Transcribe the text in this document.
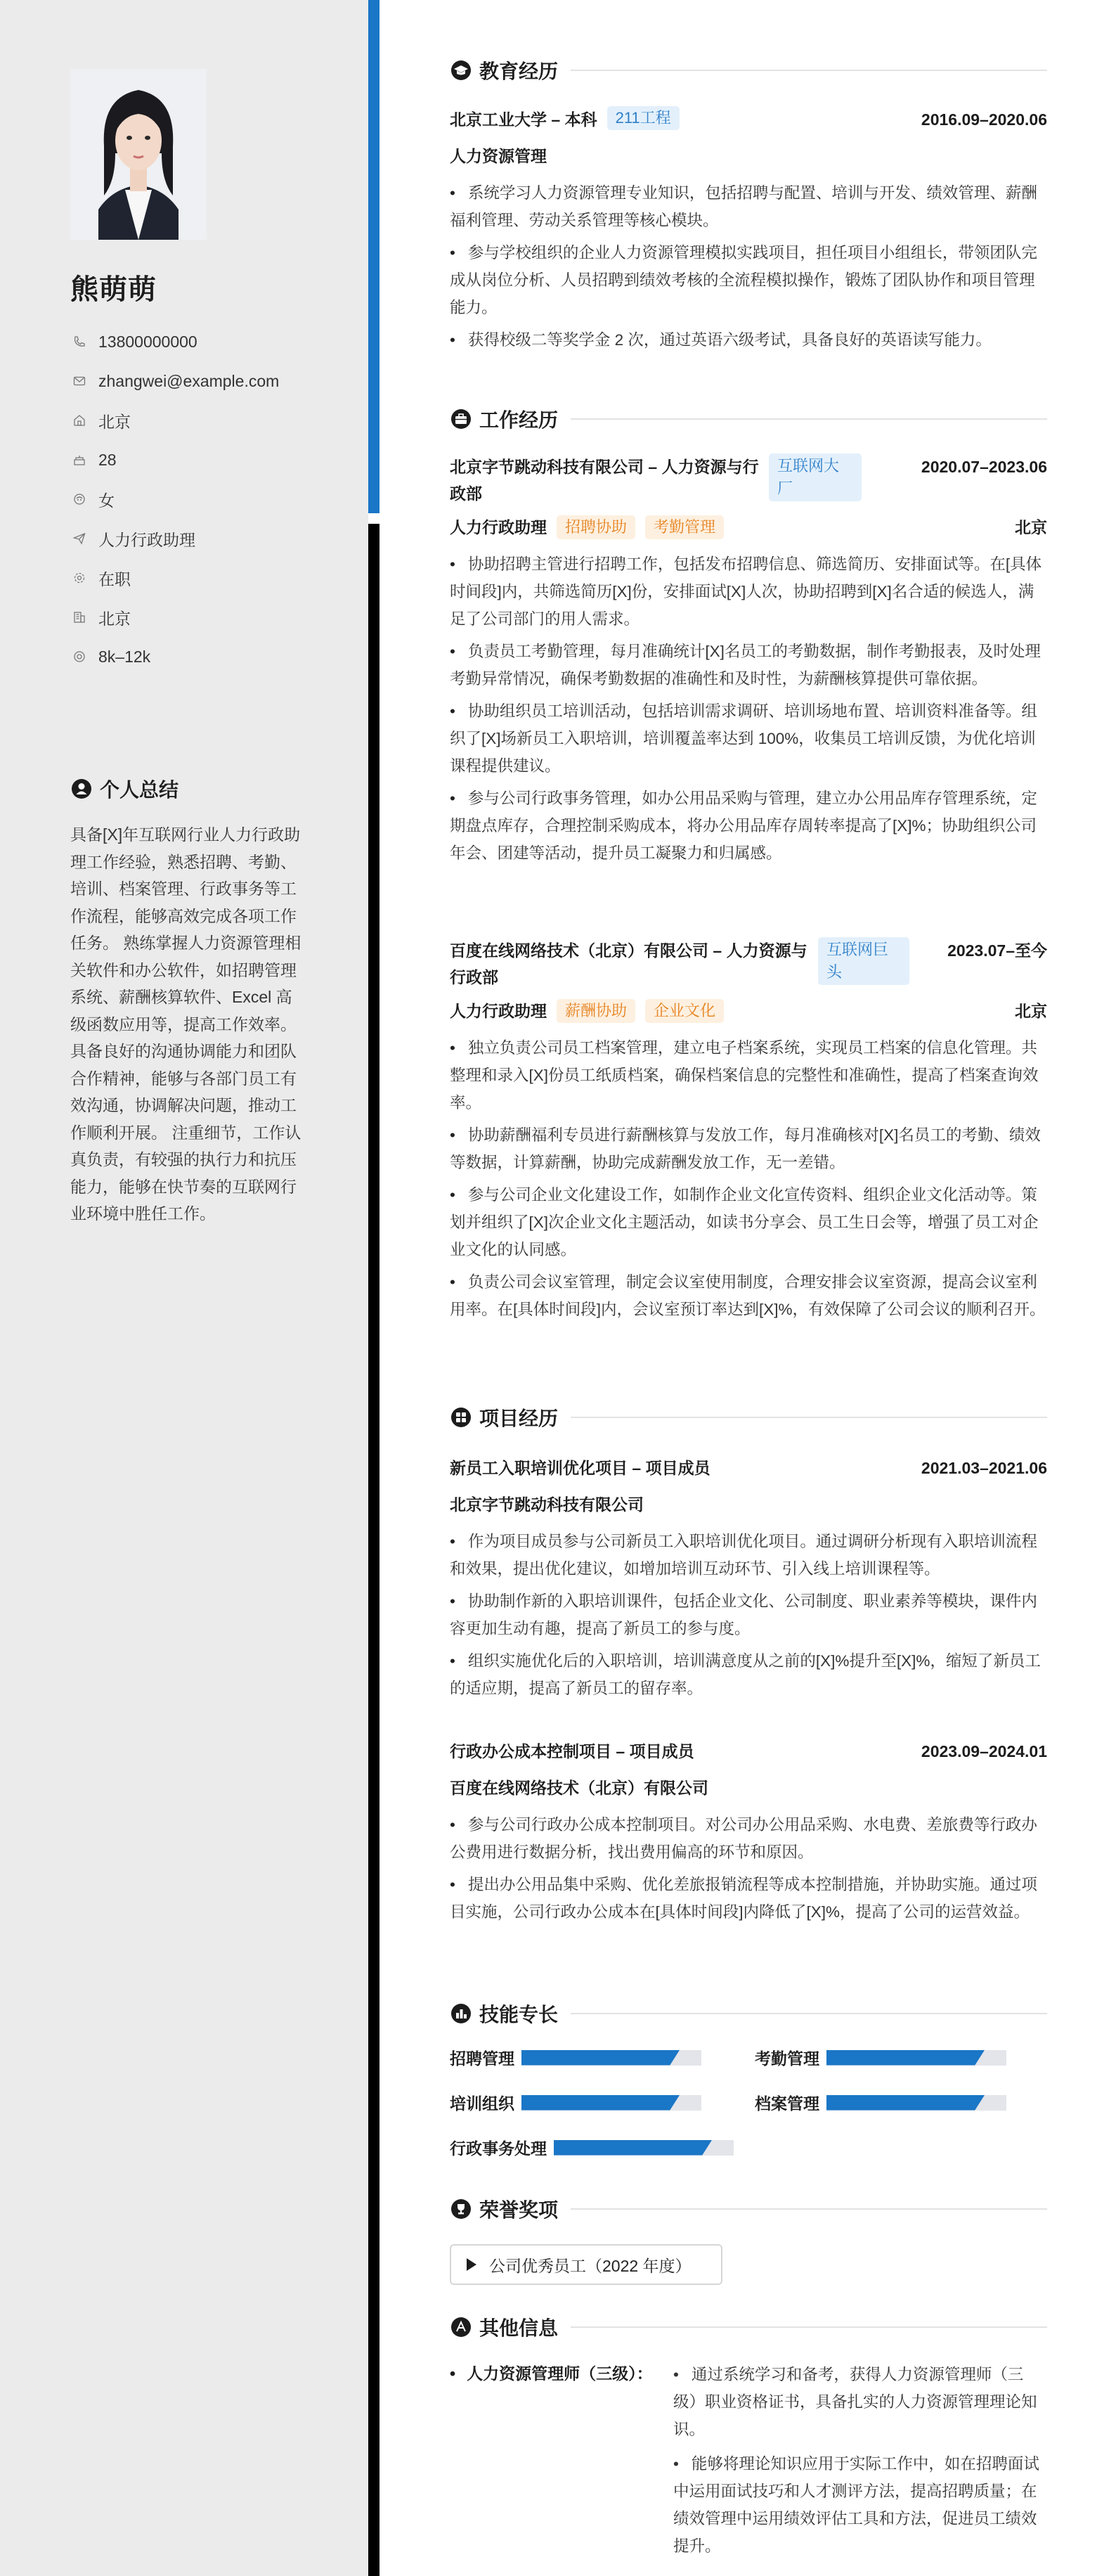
熊萌萌
13800000000
zhangwei@example.com
北京
28
女
人力行政助理
在职
北京
8k–12k
个人总结
具备[X]年互联网行业人力行政助理工作经验，熟悉招聘、考勤、培训、档案管理、行政事务等工作流程，能够高效完成各项工作任务。 熟练掌握人力资源管理相关软件和办公软件，如招聘管理系统、薪酬核算软件、Excel 高级函数应用等，提高工作效率。 具备良好的沟通协调能力和团队合作精神，能够与各部门员工有效沟通，协调解决问题，推动工作顺利开展。 注重细节，工作认真负责，有较强的执行力和抗压能力，能够在快节奏的互联网行业环境中胜任工作。
教育经历
北京工业大学 – 本科	211工程	2016.09–2020.06
人力资源管理
• 系统学习人力资源管理专业知识，包括招聘与配置、培训与开发、绩效管理、薪酬福利管理、劳动关系管理等核心模块。
• 参与学校组织的企业人力资源管理模拟实践项目，担任项目小组组长，带领团队完成从岗位分析、人员招聘到绩效考核的全流程模拟操作，锻炼了团队协作和项目管理能力。
• 获得校级二等奖学金 2 次，通过英语六级考试，具备良好的英语读写能力。
工作经历
北京字节跳动科技有限公司 – 人力资源与行政部
互联网大厂
2020.07–2023.06
人力行政助理	招聘协助	考勤管理	北京
• 协助招聘主管进行招聘工作，包括发布招聘信息、筛选简历、安排面试等。在[具体时间段]内，共筛选简历[X]份，安排面试[X]人次，协助招聘到[X]名合适的候选人，满足了公司部门的用人需求。
• 负责员工考勤管理，每月准确统计[X]名员工的考勤数据，制作考勤报表，及时处理考勤异常情况，确保考勤数据的准确性和及时性，为薪酬核算提供可靠依据。
• 协助组织员工培训活动，包括培训需求调研、培训场地布置、培训资料准备等。组织了[X]场新员工入职培训，培训覆盖率达到 100%，收集员工培训反馈，为优化培训课程提供建议。
• 参与公司行政事务管理，如办公用品采购与管理，建立办公用品库存管理系统，定期盘点库存，合理控制采购成本，将办公用品库存周转率提高了[X]%；协助组织公司年会、团建等活动，提升员工凝聚力和归属感。
百度在线网络技术（北京）有限公司 – 人力资源与行政部
互联网巨头
2023.07–至今
人力行政助理	薪酬协助	企业文化	北京
• 独立负责公司员工档案管理，建立电子档案系统，实现员工档案的信息化管理。共整理和录入[X]份员工纸质档案，确保档案信息的完整性和准确性，提高了档案查询效率。
• 协助薪酬福利专员进行薪酬核算与发放工作，每月准确核对[X]名员工的考勤、绩效等数据，计算薪酬，协助完成薪酬发放工作，无一差错。
• 参与公司企业文化建设工作，如制作企业文化宣传资料、组织企业文化活动等。策划并组织了[X]次企业文化主题活动，如读书分享会、员工生日会等，增强了员工对企业文化的认同感。
• 负责公司会议室管理，制定会议室使用制度，合理安排会议室资源，提高会议室利用率。在[具体时间段]内，会议室预订率达到[X]%，有效保障了公司会议的顺利召开。
项目经历
新员工入职培训优化项目 – 项目成员	2021.03–2021.06
北京字节跳动科技有限公司
• 作为项目成员参与公司新员工入职培训优化项目。通过调研分析现有入职培训流程和效果，提出优化建议，如增加培训互动环节、引入线上培训课程等。
• 协助制作新的入职培训课件，包括企业文化、公司制度、职业素养等模块，课件内容更加生动有趣，提高了新员工的参与度。
• 组织实施优化后的入职培训，培训满意度从之前的[X]%提升至[X]%，缩短了新员工的适应期，提高了新员工的留存率。
行政办公成本控制项目 – 项目成员	2023.09–2024.01
百度在线网络技术（北京）有限公司
• 参与公司行政办公成本控制项目。对公司办公用品采购、水电费、差旅费等行政办公费用进行数据分析，找出费用偏高的环节和原因。
• 提出办公用品集中采购、优化差旅报销流程等成本控制措施，并协助实施。通过项目实施，公司行政办公成本在[具体时间段]内降低了[X]%，提高了公司的运营效益。
技能专长
招聘管理	考勤管理
培训组织	档案管理
行政事务处理
荣誉奖项
公司优秀员工（2022 年度）
其他信息
• 人力资源管理师（三级）：
•	通过系统学习和备考，获得人力资源管理师（三级）职业资格证书，具备扎实的人力资源管理理论知识。
• 能够将理论知识应用于实际工作中，如在招聘面试中运用面试技巧和人才测评方法，提高招聘质量；在绩效管理中运用绩效评估工具和方法，促进员工绩效提升。
